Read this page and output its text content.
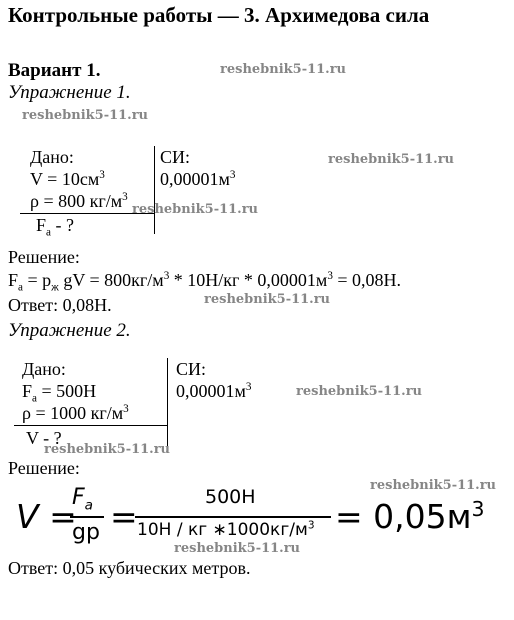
Контрольные работы — 3. Архимедова сила
Вариант 1.
Упражнение 1.
Дано:
$V = 10см^3$
ρ = 800 $кг/м^3$
$F_а$ - ?
СИ:
$0,00001м^3$
Решение:
$F_а = p_ж$ gV = $800кг/м^3 * 10Н/кг * 0,00001м^3 = 0,08Н$.
Ответ: 0,08Н.
Упражнение 2.
Дано:
$F_а = 500Н$
ρ = 1000 $кг/м^3$
V - ?
СИ:
$0,00001м^3$
Решение:
V =
$F_a$
gp =	500Н
10Н / кг $∗1000кг/м^3 = 0,05м^3$
Ответ: 0,05 кубических метров.
reshebnik5-11.ru
reshebnik5-11.ru
reshebnik5-11.ru
reshebnik5-11.ru
reshebnik5-11.ru
reshebnik5-11.ru
reshebnik5-11.ru
reshebnik5-11.ru
reshebnik5-11.ru
